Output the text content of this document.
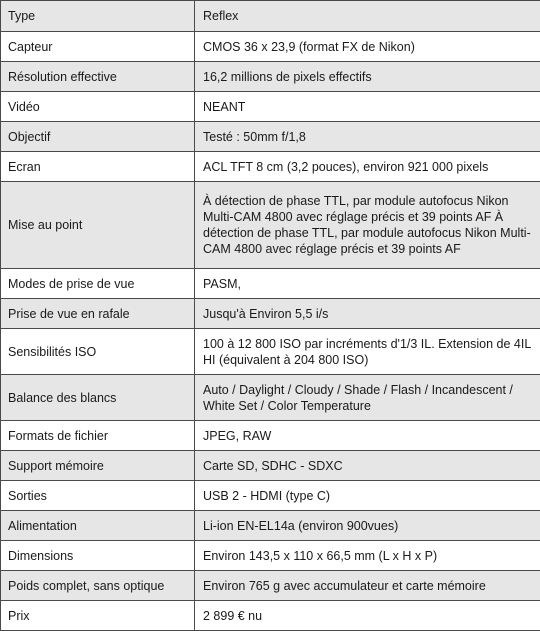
Type	Reflex
Capteur	CMOS 36 x 23,9 (format FX de Nikon)
Résolution effective	16,2 millions de pixels effectifs
Vidéo	NEANT
Objectif	Testé : 50mm f/1,8
Ecran	ACL TFT 8 cm (3,2 pouces), environ 921 000 pixels
Mise au point	À détection de phase TTL, par module autofocus Nikon Multi-CAM 4800 avec réglage précis et 39 points AF À détection de phase TTL, par module autofocus Nikon Multi-CAM 4800 avec réglage précis et 39 points AF
Modes de prise de vue	PASM,
Prise de vue en rafale	Jusqu'à Environ 5,5 i/s
Sensibilités ISO	100 à 12 800 ISO par incréments d'1/3 IL. Extension de 4IL HI (équivalent à 204 800 ISO)
Balance des blancs	Auto / Daylight / Cloudy / Shade / Flash / Incandescent / White Set / Color Temperature
Formats de fichier	JPEG, RAW
Support mémoire	Carte SD, SDHC - SDXC
Sorties	USB 2 - HDMI (type C)
Alimentation	Li-ion EN-EL14a (environ 900vues)
Dimensions	Environ 143,5 x 110 x 66,5 mm (L x H x P)
Poids complet, sans optique	Environ 765 g avec accumulateur et carte mémoire
Prix	2 899 € nu
